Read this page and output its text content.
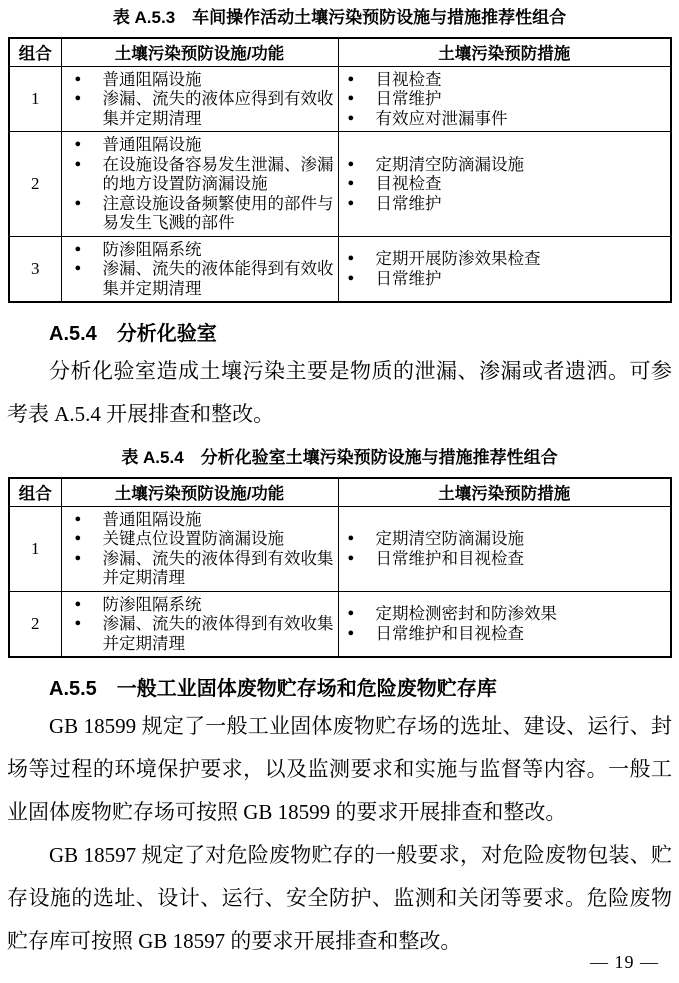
表 A.5.3　车间操作活动土壤污染预防设施与措施推荐性组合
组合	土壤污染预防设施/功能	土壤污染预防措施
1	
●	普通阻隔设施
●	渗漏、流失的液体应得到有效收集并定期清理

●	目视检查
●	日常维护
●	有效应对泄漏事件

2	
●	普通阻隔设施
●	在设施设备容易发生泄漏、渗漏的地方设置防滴漏设施
●	注意设施设备频繁使用的部件与易发生飞溅的部件

●	定期清空防滴漏设施
●	目视检查
●	日常维护

3	
●	防渗阻隔系统
●	渗漏、流失的液体能得到有效收集并定期清理

●	定期开展防渗效果检查
●	日常维护
A.5.4　分析化验室

分析化验室造成土壤污染主要是物质的泄漏、渗漏或者遗洒。可参考表 A.5.4 开展排查和整改。

表 A.5.4　分析化验室土壤污染预防设施与措施推荐性组合
组合	土壤污染预防设施/功能	土壤污染预防措施
1	
●	普通阻隔设施
●	关键点位设置防滴漏设施
●	渗漏、流失的液体得到有效收集并定期清理

●	定期清空防滴漏设施
●	日常维护和目视检查

2	
●	防渗阻隔系统
●	渗漏、流失的液体得到有效收集并定期清理

●	定期检测密封和防渗效果
●	日常维护和目视检查
A.5.5　一般工业固体废物贮存场和危险废物贮存库

GB 18599 规定了一般工业固体废物贮存场的选址、建设、运行、封场等过程的环境保护要求，以及监测要求和实施与监督等内容。一般工业固体废物贮存场可按照 GB 18599 的要求开展排查和整改。

GB 18597 规定了对危险废物贮存的一般要求，对危险废物包装、贮存设施的选址、设计、运行、安全防护、监测和关闭等要求。危险废物贮存库可按照 GB 18597 的要求开展排查和整改。

— 19 —
